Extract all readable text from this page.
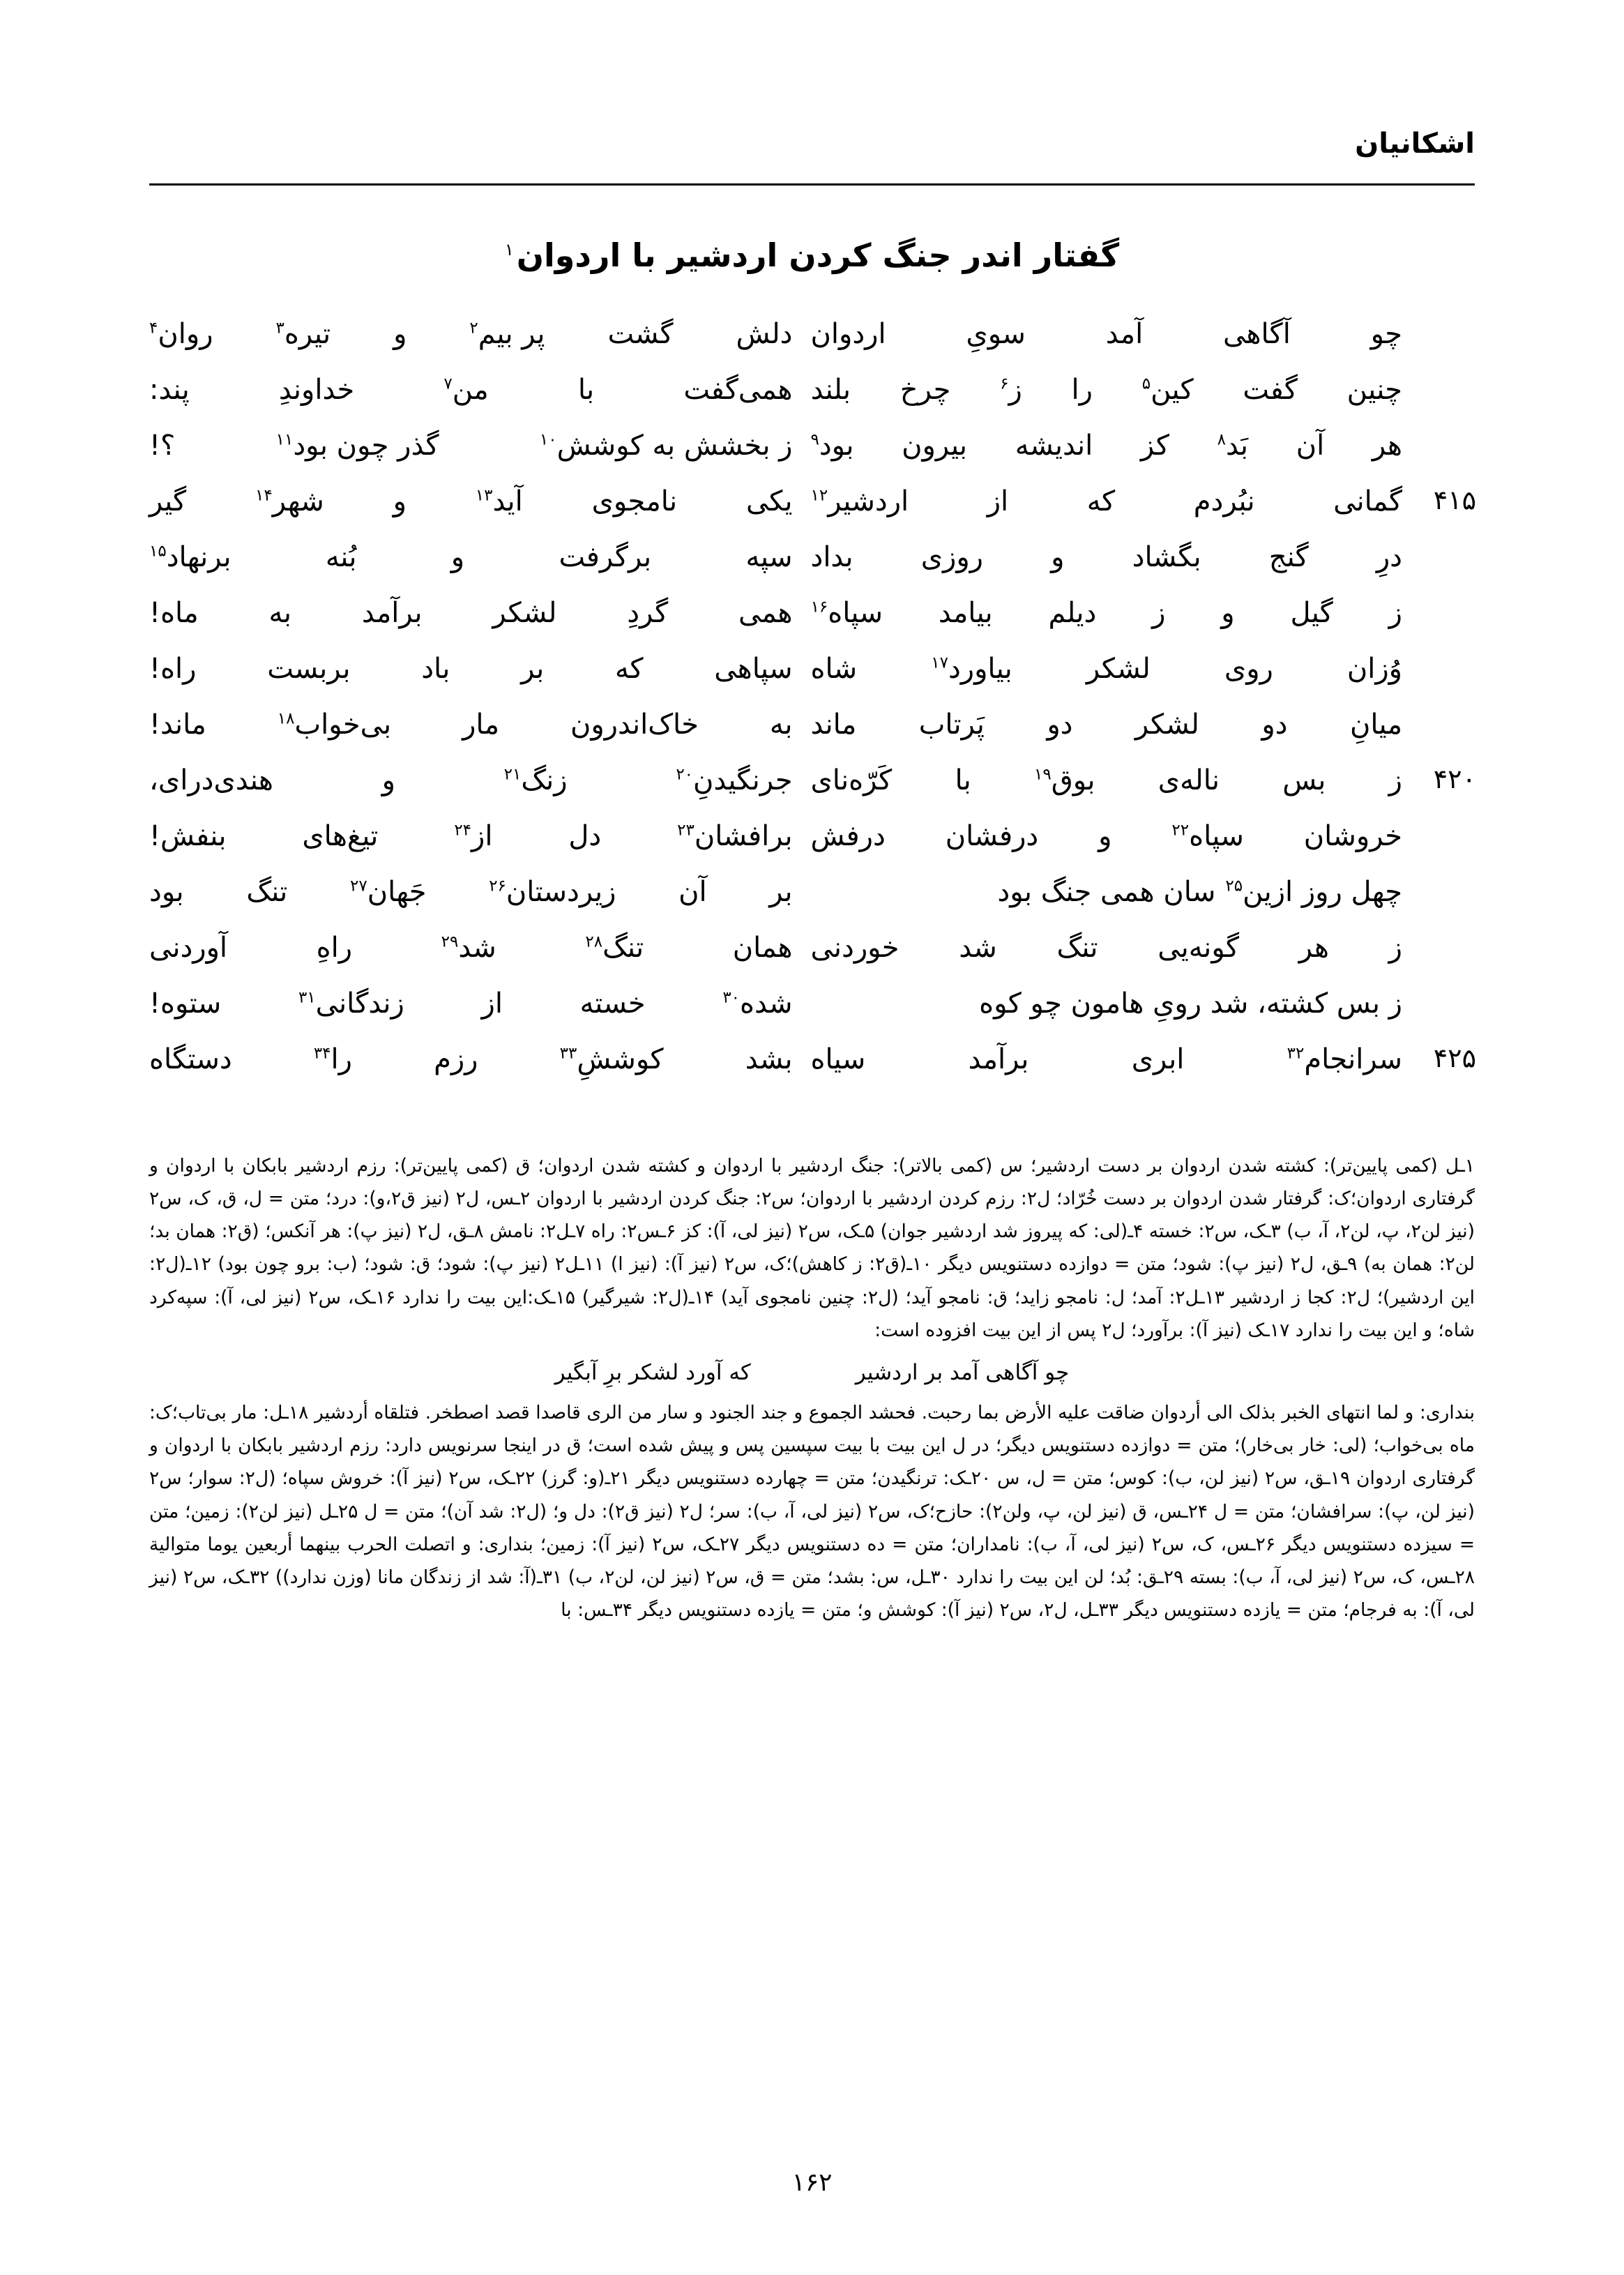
اشکانیان
گفتار اندر جنگ کردن اردشیر با اردوان$^۱$
چو
آگاهی
آمد
سویِ
اردوان
دلش
گشت
پر بیم$^۲$
و
تیره$^۳$
روان$^۴$
چنین
گفت
کین$^۵$
را
ز$^۶$
چرخ
بلند
همی‌گفت
با
من$^۷$
خداوندِ
پند:
هر
آن
بَد$^۸$
کز
اندیشه
بیرون
بود$^۹$
ز بخشش به کوشش$^{۱۰}$
گذر چون بود$^{۱۱}$
؟!
۴۱۵
گمانی
نبُردم
که
از
اردشیر$^{۱۲}$
یکی
نامجوی
آید$^{۱۳}$
و
شهر$^{۱۴}$
گیر
درِ
گنج
بگشاد
و
روزی
بداد
سپه
برگرفت
و
بُنه
برنهاد$^{۱۵}$
ز
گیل
و
ز
دیلم
بیامد
سپاه$^{۱۶}$
همی
گردِ
لشکر
برآمد
به
ماه!
وُزان
روی
لشکر
بیاورد$^{۱۷}$
شاه
سپاهی
که
بر
باد
بربست
راه!
میانِ
دو
لشکر
دو
پَرتاب
ماند
به
خاک‌اندرون
مار
بی‌خواب$^{۱۸}$
ماند!
۴۲۰
ز
بس
ناله‌ی
بوق$^{۱۹}$
با
کَرّه‌نای
جرنگیدنِ$^{۲۰}$
زنگ$^{۲۱}$
و
هندی‌درای،
خروشان
سپاه$^{۲۲}$
و
درفشان
درفش
برافشان$^{۲۳}$
دل
از$^{۲۴}$
تیغ‌های
بنفش!
چهل روز ازین$^{۲۵}$
سان همی جنگ بود
بر
آن
زیردستان$^{۲۶}$
جَهان$^{۲۷}$
تنگ
بود
ز
هر
گونه‌یی
تنگ
شد
خوردنی
همان
تنگ$^{۲۸}$
شد$^{۲۹}$
راهِ
آوردنی
ز بس کشته، شد رویِ هامون چو کوه
شده$^{۳۰}$
خسته
از
زندگانی$^{۳۱}$
ستوه!
۴۲۵
سرانجام$^{۳۲}$
ابری
برآمد
سیاه
بشد
کوششِ$^{۳۳}$
رزم
را$^{۳۴}$
دستگاه

۱ـل (کمی پایین‌تر): کشته شدن اردوان بر دست اردشیر؛ س (کمی بالاتر): جنگ اردشیر با اردوان و کشته شدن اردوان؛ ق (کمی پایین‌تر): رزم اردشیر بابکان با اردوان و گرفتاری اردوان؛ک: گرفتار شدن اردوان بر دست خُرّاد؛ ل۲: رزم کردن اردشیر با اردوان؛ س۲: جنگ کردن اردشیر با اردوان ۲ـس، ل۲ (نیز ق۲،و): درد؛ متن = ل، ق، ک، س۲ (نیز لن۲، پ، لن۲، آ، ب) ۳ـک، س۲: خسته ۴ـ(لی: که پیروز شد اردشیر جوان) ۵ـک، س۲ (نیز لی، آ): کز ۶ـس۲: راه ۷ـل۲: نامش ۸ـق، ل۲ (نیز پ): هر آنکس؛ (ق۲: همان بد؛ لن۲: همان به) ۹ـق، ل۲ (نیز پ): شود؛ متن = دوازده دستنویس دیگر ۱۰ـ(ق۲: ز کاهش)؛ک، س۲ (نیز آ): (نیز ا) ۱۱ـل۲ (نیز پ): شود؛ ق: شود؛ (ب: برو چون بود) ۱۲ـ(ل۲: این اردشیر)؛ ل۲: کجا ز اردشیر ۱۳ـل۲: آمد؛ ل: نامجو زاید؛ ق: نامجو آید؛ (ل۲: چنین نامجوی آید) ۱۴ـ(ل۲: شیرگیر) ۱۵ـک:این بیت را ندارد ۱۶ـک، س۲ (نیز لی، آ): سپه‌کرد شاه؛ و این بیت را ندارد ۱۷ـک (نیز آ): برآورد؛ ل۲ پس از این بیت افزوده است:

چو آگاهی آمد بر اردشیر
که آورد لشکر برِ آبگیر

بنداری: و لما انتهای الخبر بذلک الی أردوان ضاقت علیه الأرض بما رحبت. فحشد الجموع و جند الجنود و سار من الری قاصدا قصد اصطخر. فتلقاه أردشیر ۱۸ـل: مار بی‌تاب؛ک: ماه بی‌خواب؛ (لی: خار بی‌خار)؛ متن = دوازده دستنویس دیگر؛ در ل این بیت با بیت سپسین پس و پیش شده است؛ ق در اینجا سرنویس دارد: رزم اردشیر بابکان با اردوان و گرفتاری اردوان ۱۹ـق، س۲ (نیز لن، ب): کوس؛ متن = ل، س ۲۰ـک: ترنگیدن؛ متن = چهارده دستنویس دیگر ۲۱ـ(و: گرز) ۲۲ـک، س۲ (نیز آ): خروش سپاه؛ (ل۲: سوار؛ س۲ (نیز لن، پ): سرافشان؛ متن = ل ۲۴ـس، ق (نیز لن، پ، ولن۲): حازح؛ک، س۲ (نیز لی، آ، ب): سر؛ ل۲ (نیز ق۲): دل و؛ (ل۲: شد آن)؛ متن = ل ۲۵ـل (نیز لن۲): زمین؛ متن = سیزده دستنویس دیگر ۲۶ـس، ک، س۲ (نیز لی، آ، ب): نامداران؛ متن = ده دستنویس دیگر ۲۷ـک، س۲ (نیز آ): زمین؛ بنداری: و اتصلت الحرب بینهما أربعین یوما متوالیة ۲۸ـس، ک، س۲ (نیز لی، آ، ب): بسته ۲۹ـق: بُد؛ لن این بیت را ندارد ۳۰ـل، س: بشد؛ متن = ق، س۲ (نیز لن، لن۲، ب) ۳۱ـ(آ: شد از زندگان مانا (وزن ندارد)) ۳۲ـک، س۲ (نیز لی، آ): به فرجام؛ متن = یازده دستنویس دیگر ۳۳ـل، ل۲، س۲ (نیز آ): کوشش و؛ متن = یازده دستنویس دیگر ۳۴ـس: با

۱۶۲
